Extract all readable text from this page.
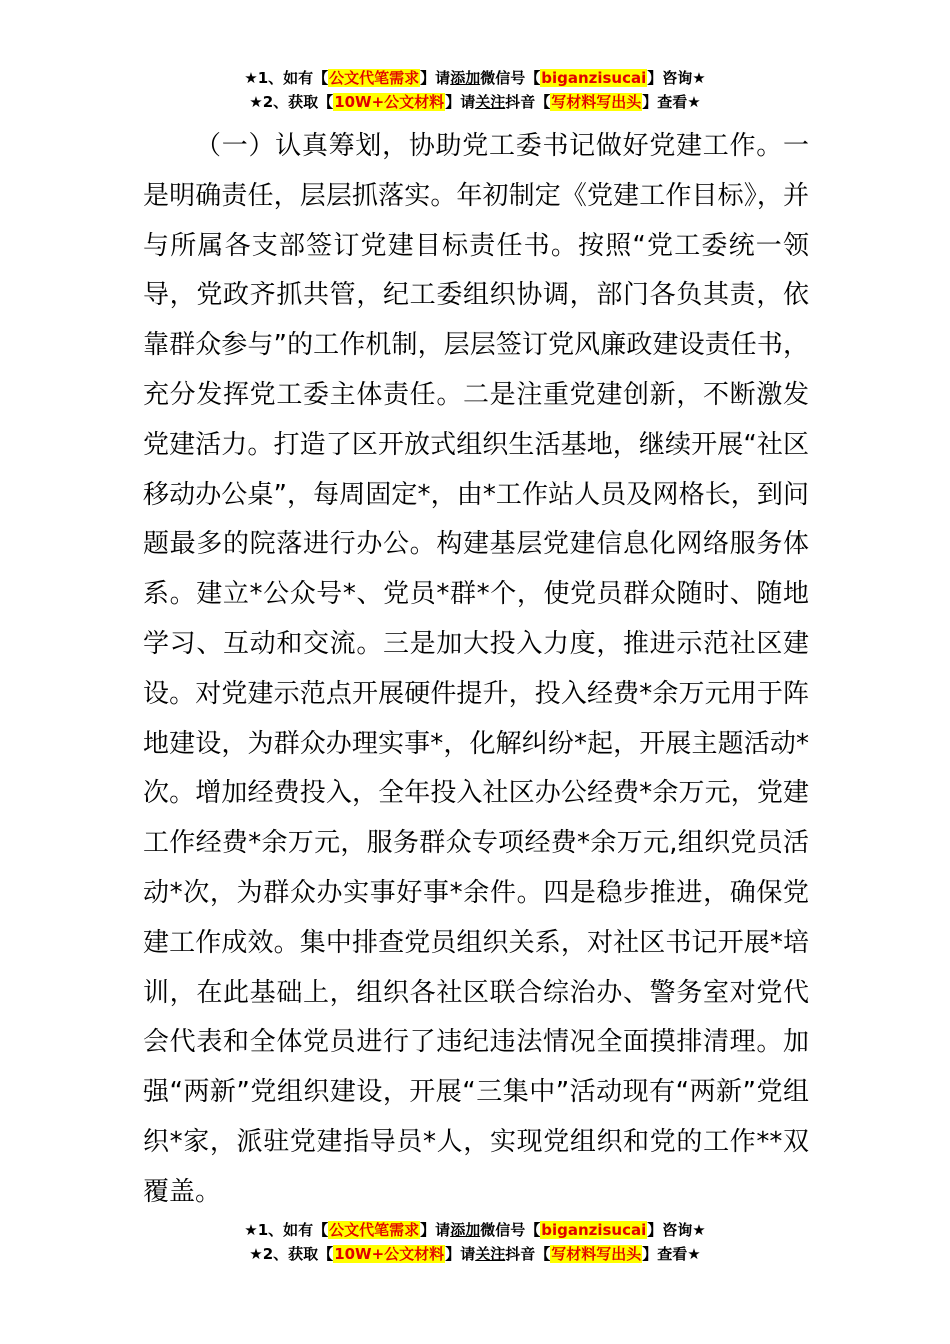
★1、如有【公文代笔需求】请添加微信号【biganzisucai】咨询★
★2、获取【10W+公文材料】请关注抖音【写材料写出头】查看★

（一）认真筹划，协助党工委书记做好党建工作。一是明确责任，层层抓落实。年初制定《党建工作目标》，并与所属各支部签订党建目标责任书。按照“党工委统一领导，党政齐抓共管，纪工委组织协调，部门各负其责，依靠群众参与”的工作机制，层层签订党风廉政建设责任书，充分发挥党工委主体责任。二是注重党建创新，不断激发党建活力。打造了区开放式组织生活基地，继续开展“社区移动办公桌”，每周固定*，由*工作站人员及网格长，到问题最多的院落进行办公。构建基层党建信息化网络服务体系。建立*公众号*、党员*群*个，使党员群众随时、随地学习、互动和交流。三是加大投入力度，推进示范社区建设。对党建示范点开展硬件提升，投入经费*余万元用于阵地建设，为群众办理实事*，化解纠纷*起，开展主题活动*次。增加经费投入，全年投入社区办公经费*余万元，党建工作经费*余万元，服务群众专项经费*余万元,组织党员活动*次，为群众办实事好事*余件。四是稳步推进，确保党建工作成效。集中排查党员组织关系，对社区书记开展*培训，在此基础上，组织各社区联合综治办、警务室对党代会代表和全体党员进行了违纪违法情况全面摸排清理。加强“两新”党组织建设，开展“三集中”活动现有“两新”党组织*家，派驻党建指导员*人，实现党组织和党的工作**双覆盖。

★1、如有【公文代笔需求】请添加微信号【biganzisucai】咨询★
★2、获取【10W+公文材料】请关注抖音【写材料写出头】查看★
